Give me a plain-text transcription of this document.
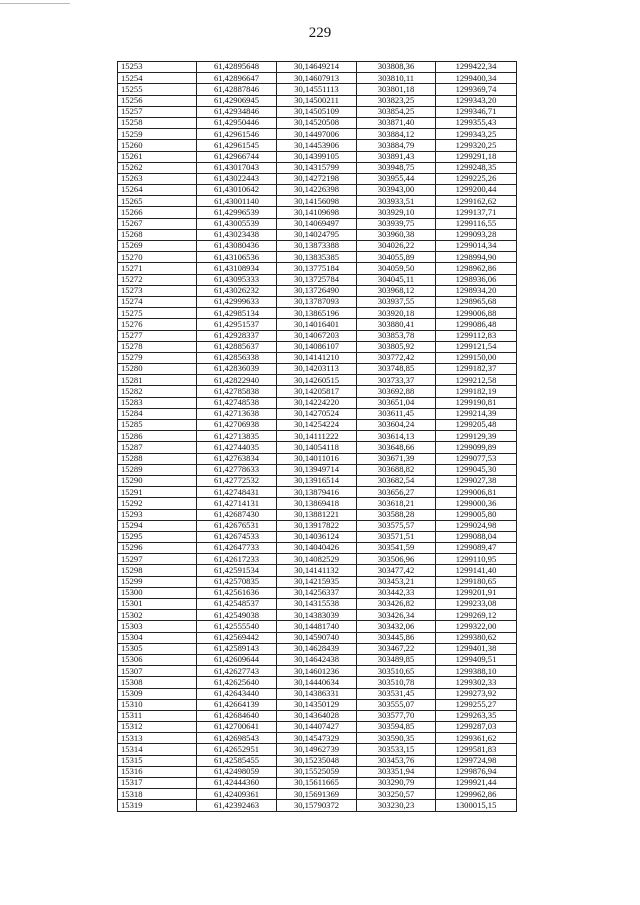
229
15253	61,42895648	30,14649214	303808,36	1299422,34
15254	61,42896647	30,14607913	303810,11	1299400,34
15255	61,42887846	30,14551113	303801,18	1299369,74
15256	61,42906945	30,14500211	303823,25	1299343,20
15257	61,42934846	30,14505109	303854,25	1299346,71
15258	61,42950446	30,14520508	303871,40	1299355,43
15259	61,42961546	30,14497006	303884,12	1299343,25
15260	61,42961545	30,14453906	303884,79	1299320,25
15261	61,42966744	30,14399105	303891,43	1299291,18
15262	61,43017043	30,14315799	303948,75	1299248,35
15263	61,43022443	30,14272198	303955,44	1299225,26
15264	61,43010642	30,14226398	303943,00	1299200,44
15265	61,43001140	30,14156098	303933,51	1299162,62
15266	61,42996539	30,14109698	303929,10	1299137,71
15267	61,43005539	30,14069497	303939,75	1299116,55
15268	61,43023438	30,14024795	303960,38	1299093,28
15269	61,43080436	30,13873388	304026,22	1299014,34
15270	61,43106536	30,13835385	304055,89	1298994,90
15271	61,43108934	30,13775184	304059,50	1298962,86
15272	61,43095333	30,13725784	304045,11	1298936,06
15273	61,43026232	30,13726490	303968,12	1298934,20
15274	61,42999633	30,13787093	303937,55	1298965,68
15275	61,42985134	30,13865196	303920,18	1299006,88
15276	61,42951537	30,14016401	303880,41	1299086,48
15277	61,42928337	30,14067203	303853,78	1299112,83
15278	61,42885637	30,14086107	303805,92	1299121,54
15279	61,42856338	30,14141210	303772,42	1299150,00
15280	61,42836039	30,14203113	303748,85	1299182,37
15281	61,42822940	30,14260515	303733,37	1299212,58
15282	61,42785838	30,14205817	303692,88	1299182,19
15283	61,42748538	30,14224220	303651,04	1299190,81
15284	61,42713638	30,14270524	303611,45	1299214,39
15285	61,42706938	30,14254224	303604,24	1299205,48
15286	61,42713835	30,14111222	303614,13	1299129,39
15287	61,42744035	30,14054118	303648,66	1299099,89
15288	61,42763834	30,14011016	303671,39	1299077,53
15289	61,42778633	30,13949714	303688,82	1299045,30
15290	61,42772532	30,13916514	303682,54	1299027,38
15291	61,42748431	30,13879416	303656,27	1299006,81
15292	61,42714131	30,13869418	303618,21	1299000,36
15293	61,42687430	30,13881221	303588,28	1299005,80
15294	61,42676531	30,13917822	303575,57	1299024,98
15295	61,42674533	30,14036124	303571,51	1299088,04
15296	61,42647733	30,14040426	303541,59	1299089,47
15297	61,42617233	30,14082529	303506,96	1299110,95
15298	61,42591534	30,14141132	303477,42	1299141,40
15299	61,42570835	30,14215935	303453,21	1299180,65
15300	61,42561636	30,14256337	303442,33	1299201,91
15301	61,42548537	30,14315538	303426,82	1299233,08
15302	61,42549038	30,14383039	303426,34	1299269,12
15303	61,42555540	30,14481740	303432,06	1299322,00
15304	61,42569442	30,14590740	303445,86	1299380,62
15305	61,42589143	30,14628439	303467,22	1299401,38
15306	61,42609644	30,14642438	303489,85	1299409,51
15307	61,42627743	30,14601236	303510,65	1299388,10
15308	61,42625640	30,14440634	303510,78	1299302,33
15309	61,42643440	30,14386331	303531,45	1299273,92
15310	61,42664139	30,14350129	303555,07	1299255,27
15311	61,42684640	30,14364028	303577,70	1299263,35
15312	61,42700641	30,14407427	303594,85	1299287,03
15313	61,42698543	30,14547329	303590,35	1299361,62
15314	61,42652951	30,14962739	303533,15	1299581,83
15315	61,42585455	30,15235048	303453,76	1299724,98
15316	61,42498059	30,15525059	303351,94	1299876,94
15317	61,42444360	30,15611665	303290,79	1299921,44
15318	61,42409361	30,15691369	303250,57	1299962,86
15319	61,42392463	30,15790372	303230,23	1300015,15
